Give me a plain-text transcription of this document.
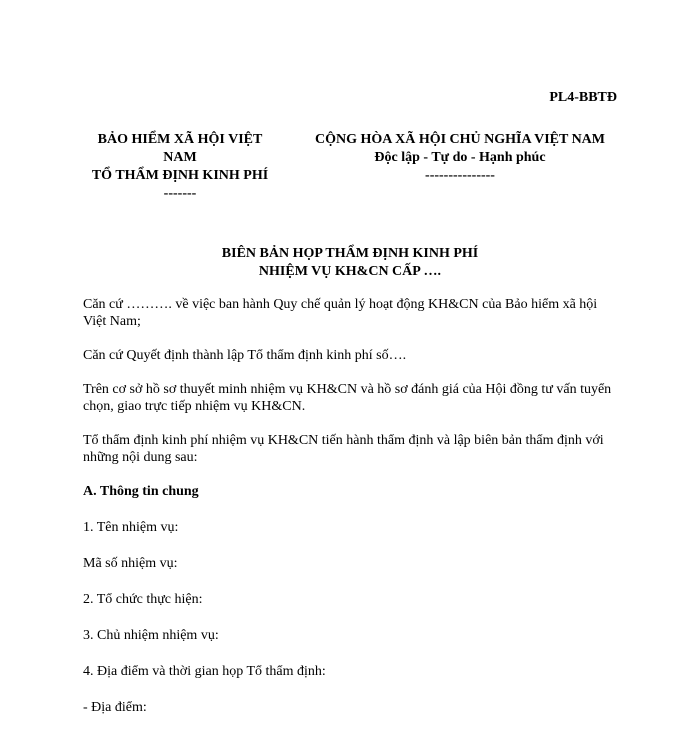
PL4-BBTĐ
BẢO HIỂM XÃ HỘI VIỆT
NAM
TỔ THẨM ĐỊNH KINH PHÍ
-------
CỘNG HÒA XÃ HỘI CHỦ NGHĨA VIỆT NAM
Độc lập - Tự do - Hạnh phúc
---------------
BIÊN BẢN HỌP THẨM ĐỊNH KINH PHÍ
NHIỆM VỤ KH&CN CẤP ….

Căn cứ ………. về việc ban hành Quy chế quản lý hoạt động KH&CN của Bảo hiểm xã hội Việt Nam;

Căn cứ Quyết định thành lập Tổ thẩm định kinh phí số….

Trên cơ sở hồ sơ thuyết minh nhiệm vụ KH&CN và hồ sơ đánh giá của Hội đồng tư vấn tuyển chọn, giao trực tiếp nhiệm vụ KH&CN.

Tổ thẩm định kinh phí nhiệm vụ KH&CN tiến hành thẩm định và lập biên bản thẩm định với những nội dung sau:

A. Thông tin chung
1. Tên nhiệm vụ:
Mã số nhiệm vụ:
2. Tổ chức thực hiện:
3. Chủ nhiệm nhiệm vụ:
4. Địa điểm và thời gian họp Tổ thẩm định:
- Địa điểm:
